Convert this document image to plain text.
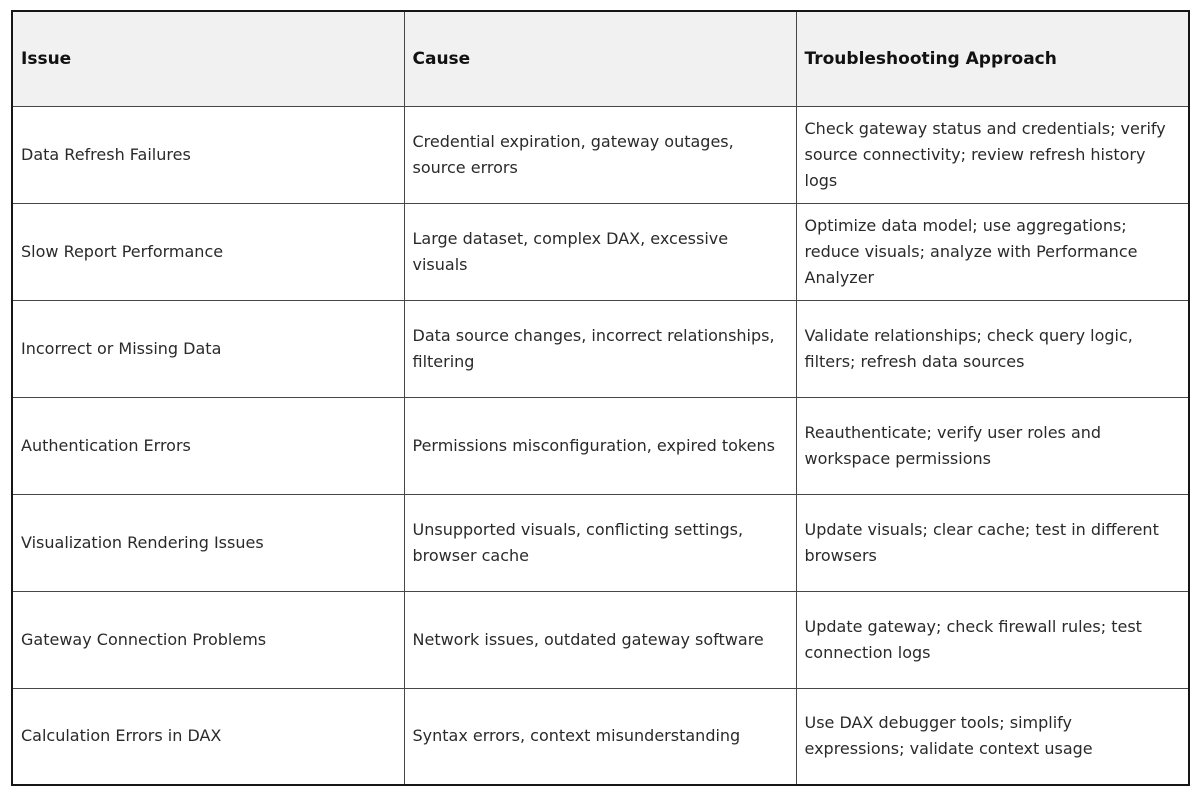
Issue	Cause	Troubleshooting Approach
Data Refresh Failures	Credential expiration, gateway outages, source errors	Check gateway status and credentials; verify source connectivity; review refresh history logs
Slow Report Performance	Large dataset, complex DAX, excessive visuals	Optimize data model; use aggregations; reduce visuals; analyze with Performance Analyzer
Incorrect or Missing Data	Data source changes, incorrect relationships, filtering	Validate relationships; check query logic, filters; refresh data sources
Authentication Errors	Permissions misconfiguration, expired tokens	Reauthenticate; verify user roles and workspace permissions
Visualization Rendering Issues	Unsupported visuals, conflicting settings, browser cache	Update visuals; clear cache; test in different browsers
Gateway Connection Problems	Network issues, outdated gateway software	Update gateway; check firewall rules; test connection logs
Calculation Errors in DAX	Syntax errors, context misunderstanding	Use DAX debugger tools; simplify expressions; validate context usage
